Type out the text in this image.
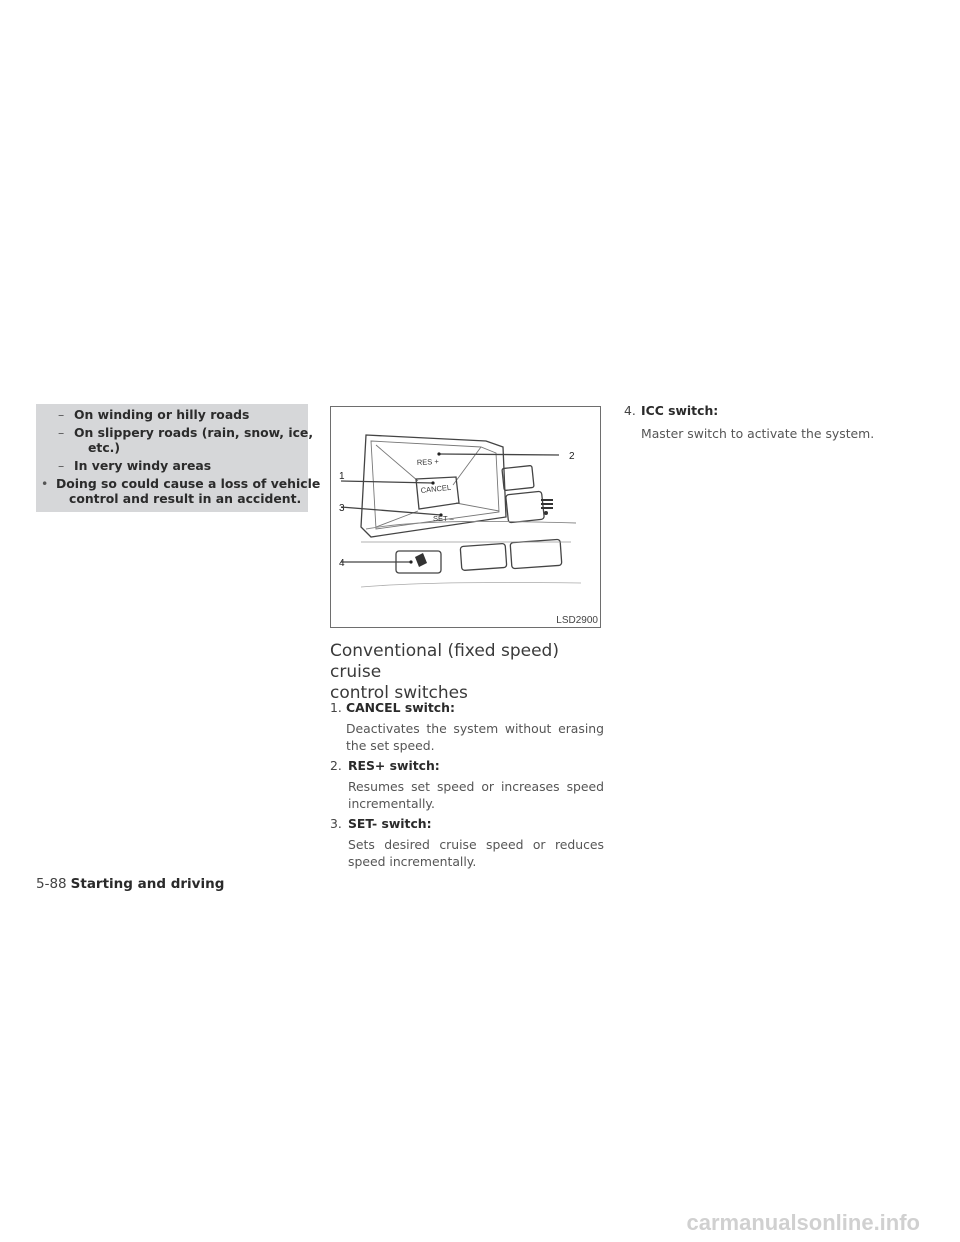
– On winding or hilly roads
– On slippery roads (rain, snow, ice,
etc.)
– In very windy areas
• Doing so could cause a loss of vehicle
control and result in an accident.
RES +
CANCEL
SET –
1
2
3
4
LSD2900
Conventional (fixed speed) cruise
control switches
1. CANCEL switch:
Deactivates the system without erasing the set speed.
2. RES+ switch:
Resumes set speed or increases speed incrementally.
3. SET- switch:
Sets desired cruise speed or reduces speed incrementally.
4. ICC switch:
Master switch to activate the system.
5-88 Starting and driving
carmanualsonline.info
